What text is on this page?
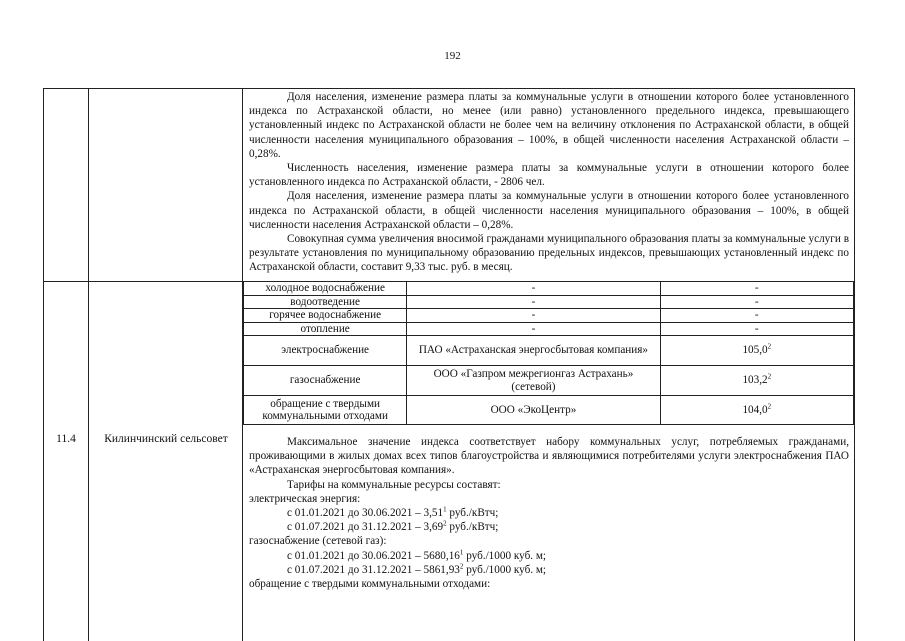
192

Доля населения, изменение размера платы за коммунальные услуги в отношении которого более установленного индекса по Астраханской области, но менее (или равно) установленного предельного индекса, превышающего установленный индекс по Астраханской области не более чем на величину отклонения по Астраханской области, в общей численности населения муниципального образования – 100%, в общей численности населения Астраханской области – 0,28%.

Численность населения, изменение размера платы за коммунальные услуги в отношении которого более установленного индекса по Астраханской области, - 2806 чел.

Доля населения, изменение размера платы за коммунальные услуги в отношении которого более установленного индекса по Астраханской области, в общей численности населения муниципального образования – 100%, в общей численности населения Астраханской области – 0,28%.

Совокупная сумма увеличения вносимой гражданами муниципального образования платы за коммунальные услуги в результате установления по муниципальному образованию предельных индексов, превышающих установленный индекс по Астраханской области, составит 9,33 тыс. руб. в месяц.

11.4	Килинчинский сельсовет
холодное водоснабжение	-	-
водоотведение	-	-
горячее водоснабжение	-	-
отопление	-	-
электроснабжение	ПАО «Астраханская энергосбытовая компания»	105,0$^2$
газоснабжение	ООО «Газпром межрегионгаз Астрахань» (сетевой)	103,2$^2$
обращение с твердыми коммунальными отходами	ООО «ЭкоЦентр»	104,0$^2$

Максимальное значение индекса соответствует набору коммунальных услуг, потребляемых гражданами, проживающими в жилых домах всех типов благоустройства и являющимися потребителями услуги электроснабжения ПАО «Астраханская энергосбытовая компания».

Тарифы на коммунальные ресурсы составят:

электрическая энергия:

с 01.01.2021 до 30.06.2021 – 3,51$^1$ руб./кВтч;

с 01.07.2021 до 31.12.2021 – 3,69$^2$ руб./кВтч;

газоснабжение (сетевой газ):

с 01.01.2021 до 30.06.2021 – 5680,16$^1$ руб./1000 куб. м;

с 01.07.2021 до 31.12.2021 – 5861,93$^2$ руб./1000 куб. м;

обращение с твердыми коммунальными отходами:
